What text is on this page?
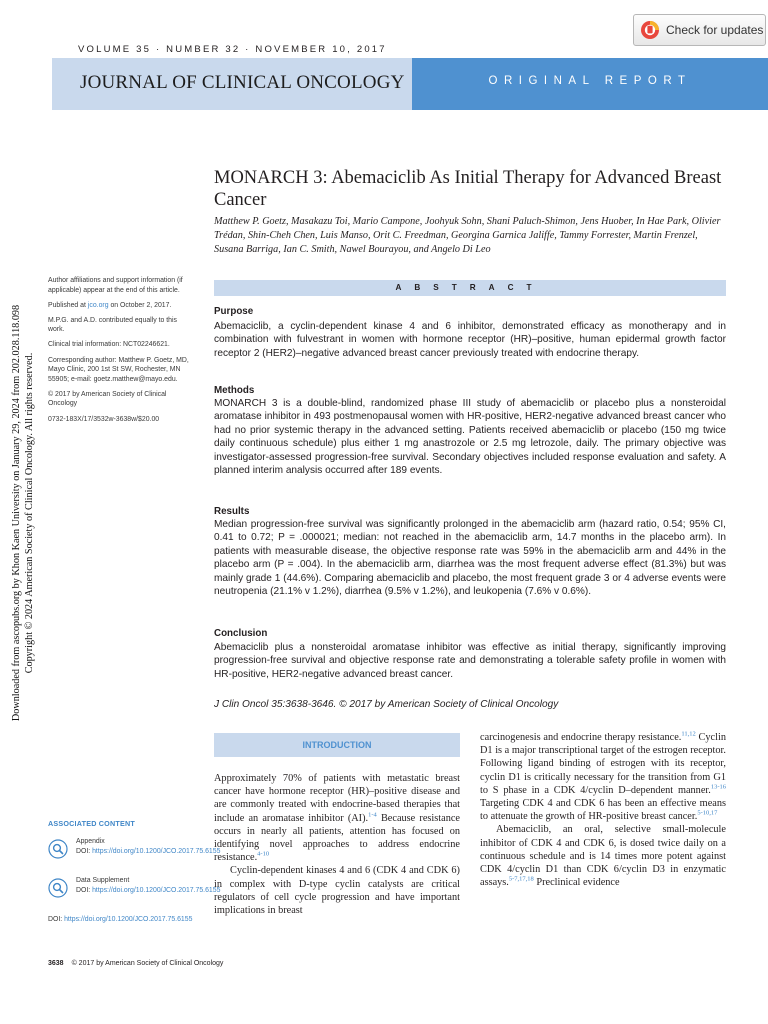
VOLUME 35 · NUMBER 32 · NOVEMBER 10, 2017
Check for updates
JOURNAL OF CLINICAL ONCOLOGY	ORIGINAL REPORT
Downloaded from ascopubs.org by Khon Kaen University on January 29, 2024 from 202.028.118.098 Copyright © 2024 American Society of Clinical Oncology. All rights reserved.
MONARCH 3: Abemaciclib As Initial Therapy for Advanced Breast Cancer
Matthew P. Goetz, Masakazu Toi, Mario Campone, Joohyuk Sohn, Shani Paluch-Shimon, Jens Huober, In Hae Park, Olivier Trédan, Shin-Cheh Chen, Luis Manso, Orit C. Freedman, Georgina Garnica Jaliffe, Tammy Forrester, Martin Frenzel, Susana Barriga, Ian C. Smith, Nawel Bourayou, and Angelo Di Leo

Author affiliations and support information (if applicable) appear at the end of this article.

Published at jco.org on October 2, 2017.

M.P.G. and A.D. contributed equally to this work.

Clinical trial information: NCT02246621.

Corresponding author: Matthew P. Goetz, MD, Mayo Clinic, 200 1st St SW, Rochester, MN 55905; e-mail: goetz.matthew@mayo.edu.

© 2017 by American Society of Clinical Oncology

0732-183X/17/3532w-3638w/$20.00

ABSTRACT
Purpose
Abemaciclib, a cyclin-dependent kinase 4 and 6 inhibitor, demonstrated efficacy as monotherapy and in combination with fulvestrant in women with hormone receptor (HR)–positive, human epidermal growth factor receptor 2 (HER2)–negative advanced breast cancer previously treated with endocrine therapy.
Methods
MONARCH 3 is a double-blind, randomized phase III study of abemaciclib or placebo plus a nonsteroidal aromatase inhibitor in 493 postmenopausal women with HR-positive, HER2-negative advanced breast cancer who had no prior systemic therapy in the advanced setting. Patients received abemaciclib or placebo (150 mg twice daily continuous schedule) plus either 1 mg anastrozole or 2.5 mg letrozole, daily. The primary objective was investigator-assessed progression-free survival. Secondary objectives included response evaluation and safety. A planned interim analysis occurred after 189 events.
Results
Median progression-free survival was significantly prolonged in the abemaciclib arm (hazard ratio, 0.54; 95% CI, 0.41 to 0.72; P = .000021; median: not reached in the abemaciclib arm, 14.7 months in the placebo arm). In patients with measurable disease, the objective response rate was 59% in the abemaciclib arm and 44% in the placebo arm (P = .004). In the abemaciclib arm, diarrhea was the most frequent adverse effect (81.3%) but was mainly grade 1 (44.6%). Comparing abemaciclib and placebo, the most frequent grade 3 or 4 adverse events were neutropenia (21.1% v 1.2%), diarrhea (9.5% v 1.2%), and leukopenia (7.6% v 0.6%).
Conclusion
Abemaciclib plus a nonsteroidal aromatase inhibitor was effective as initial therapy, significantly improving progression-free survival and objective response rate and demonstrating a tolerable safety profile in women with HR-positive, HER2-negative advanced breast cancer.
J Clin Oncol 35:3638-3646. © 2017 by American Society of Clinical Oncology
INTRODUCTION
Approximately 70% of patients with metastatic breast cancer have hormone receptor (HR)–positive disease and are commonly treated with endocrine-based therapies that include an aromatase inhibitor (AI).$^{1-4}$ Because resistance occurs in nearly all patients, attention has focused on identifying novel approaches to address endocrine resistance.$^{4-10}$
Cyclin-dependent kinases 4 and 6 (CDK 4 and CDK 6) in complex with D-type cyclin catalysts are critical regulators of cell cycle progression and have important implications in breast
carcinogenesis and endocrine therapy resistance.$^{11,12}$ Cyclin D1 is a major transcriptional target of the estrogen receptor. Following ligand binding of estrogen with its receptor, cyclin D1 is critically necessary for the transition from G1 to S phase in a CDK 4/cyclin D–dependent manner.$^{13-16}$ Targeting CDK 4 and CDK 6 has been an effective means to attenuate the growth of HR-positive breast cancer.$^{5-10,17}$
Abemaciclib, an oral, selective small-molecule inhibitor of CDK 4 and CDK 6, is dosed twice daily on a continuous schedule and is 14 times more potent against CDK 4/cyclin D1 than CDK 6/cyclin D3 in enzymatic assays.$^{5-7,17,18}$ Preclinical evidence
ASSOCIATED CONTENT
Appendix
DOI: https://doi.org/10.1200/JCO.2017.75.6155
Data Supplement
DOI: https://doi.org/10.1200/JCO.2017.75.6155
DOI: https://doi.org/10.1200/JCO.2017.75.6155
3638 © 2017 by American Society of Clinical Oncology
